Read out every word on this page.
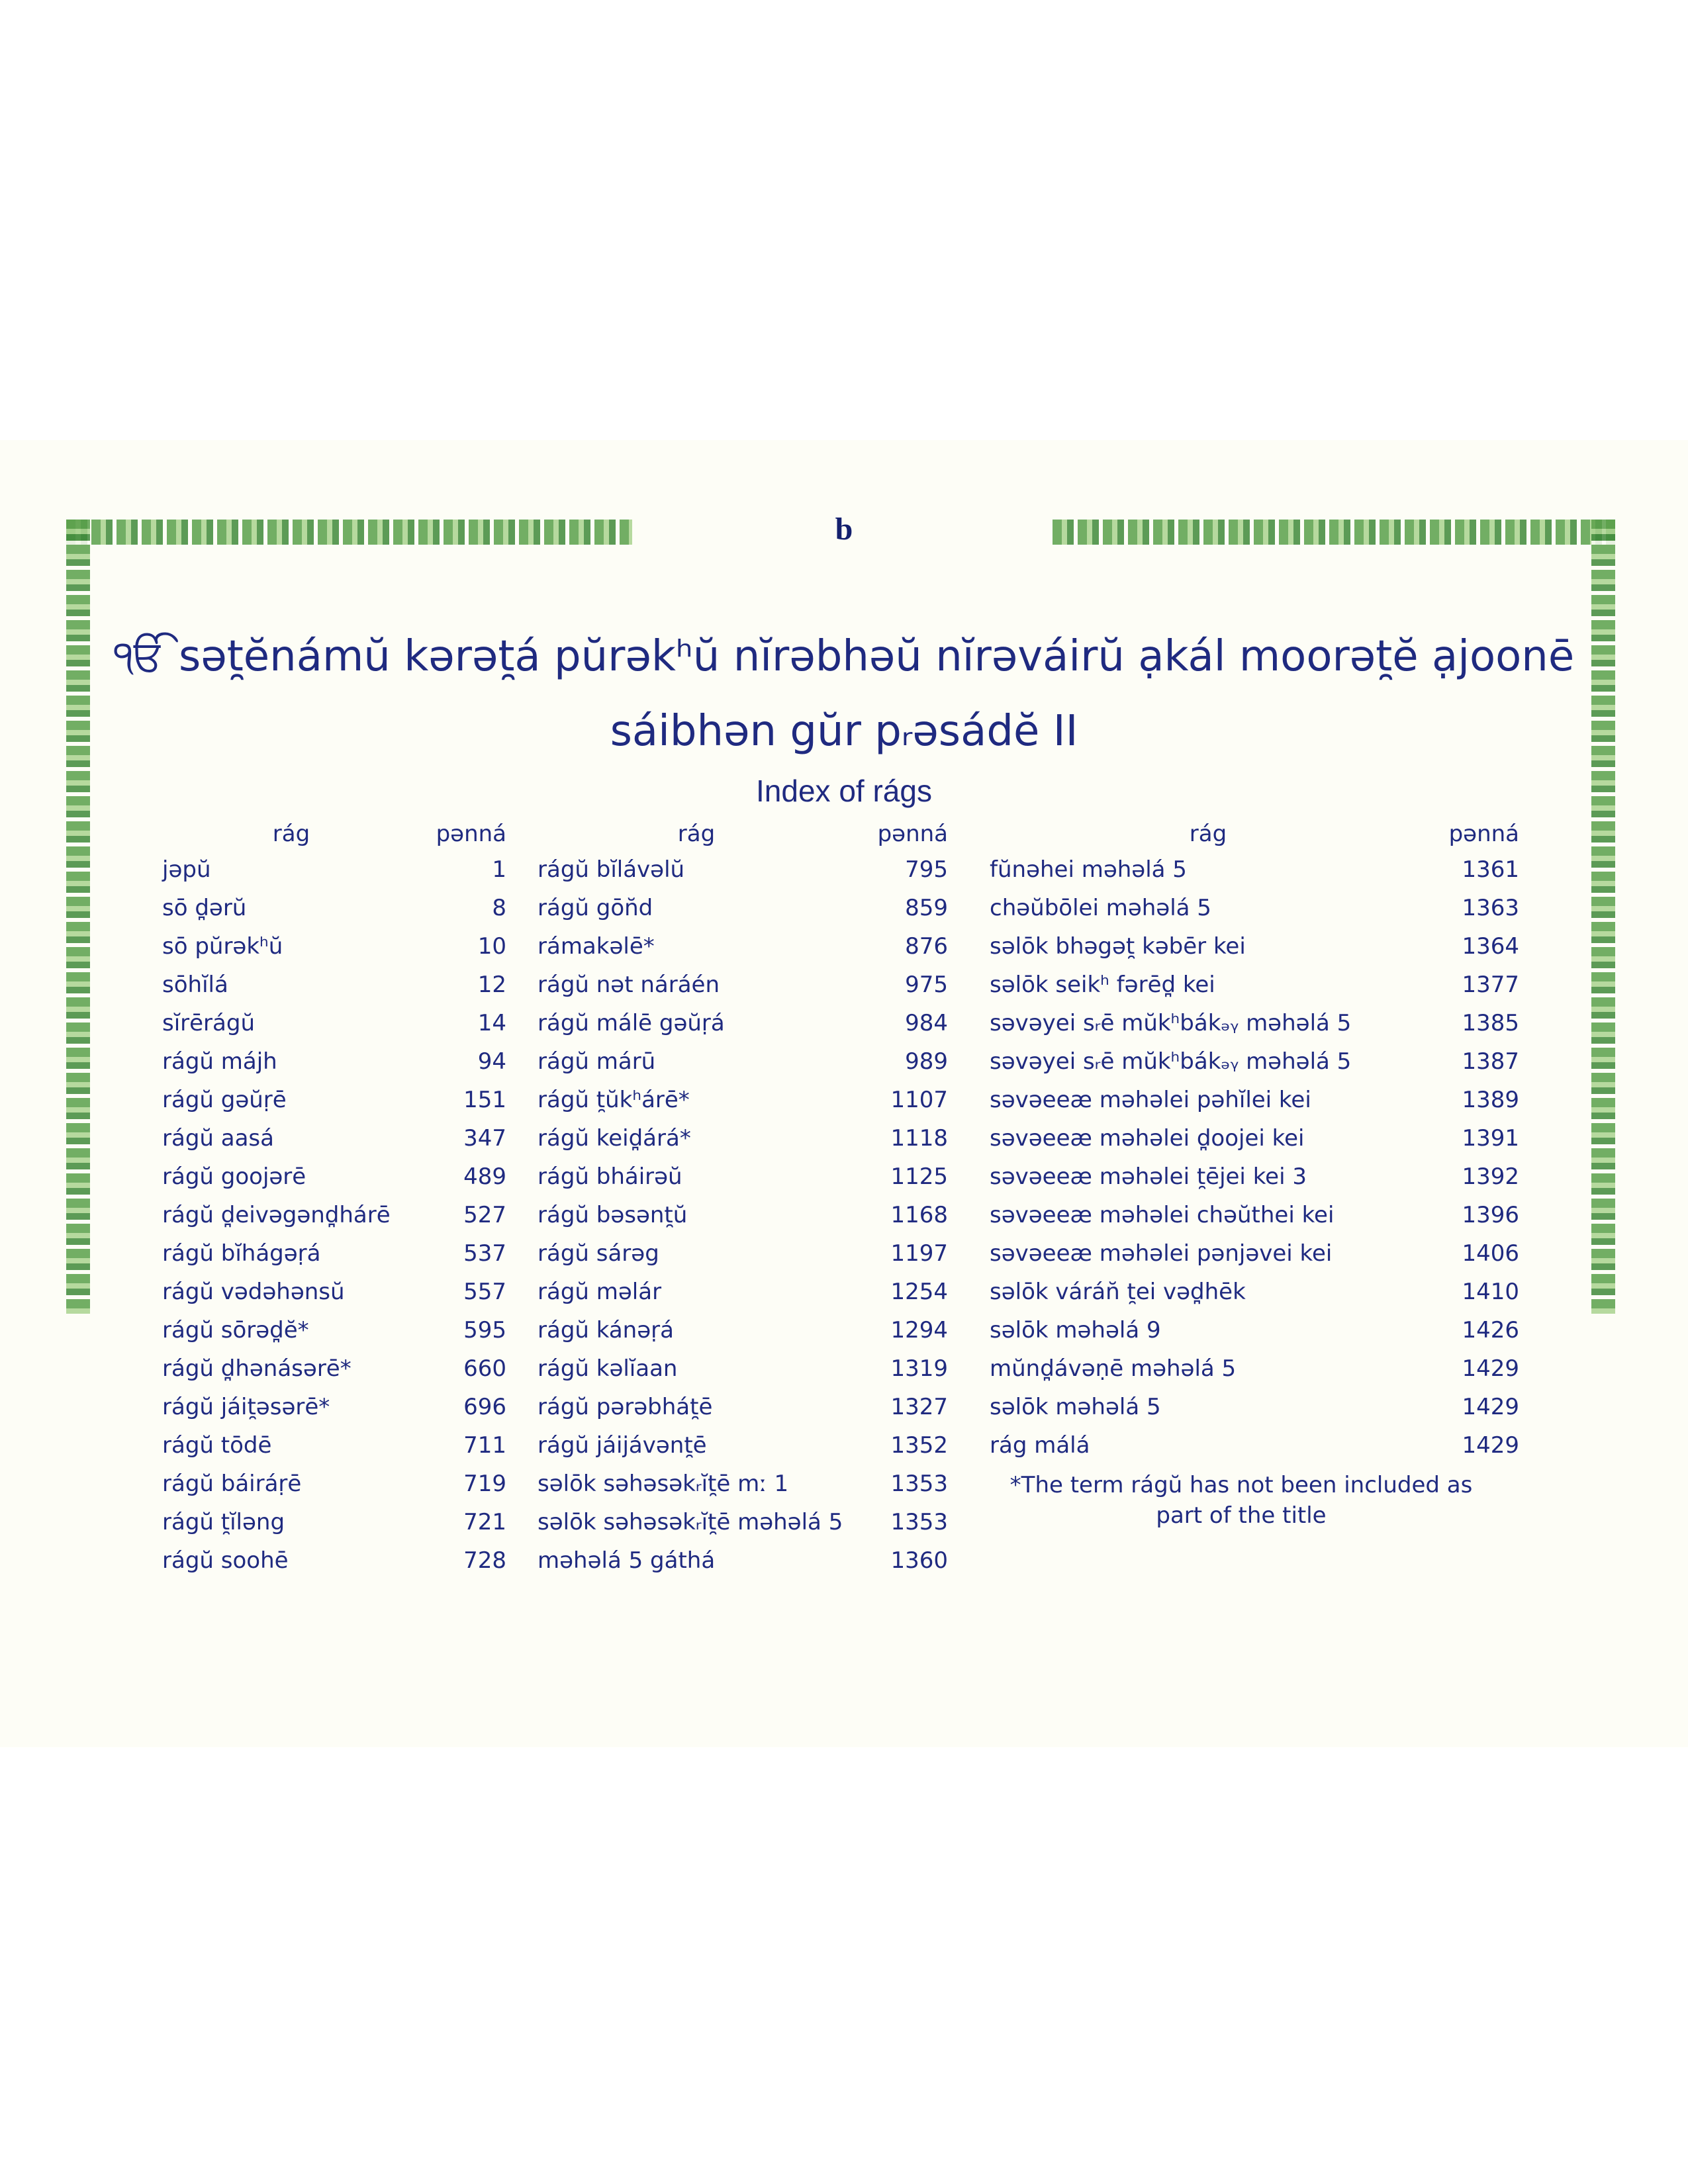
b
ੴ sət̯ĕnámŭ kərət̯á pŭrəkʰŭ nĭrəbhəŭ nĭrəváirŭ ạkál moorət̯ĕ ạjoonē
sáibhən gŭr pᵣəsádĕ II
Index of rágs
rág	pənná
jəpŭ	1
sō d̪ərŭ	8
sō pŭrəkʰŭ	10
sōhĭlá	12
sĭrērágŭ	14
rágŭ májh	94
rágŭ gəŭṛē	151
rágŭ aasá	347
rágŭ goojərē	489
rágŭ d̪eivəgənd̪hárē	527
rágŭ bĭhágəṛá	537
rágŭ vədəhənsŭ	557
rágŭ sōrəd̪ĕ*	595
rágŭ d̪hənásərē*	660
rágŭ jáit̯əsərē*	696
rágŭ tōdē	711
rágŭ báiráṛē	719
rágŭ t̯ĭləng	721
rágŭ soohē	728
rág	pənná
rágŭ bĭlávəlŭ	795
rágŭ gōn̆d	859
rámakəlē*	876
rágŭ nət náráén	975
rágŭ málē gəŭṛá	984
rágŭ márū	989
rágŭ t̯ŭkʰárē*	1107
rágŭ keid̪árá*	1118
rágŭ bháirəŭ	1125
rágŭ bəsənt̯ŭ	1168
rágŭ sárəg	1197
rágŭ məlár	1254
rágŭ kánəṛá	1294
rágŭ kəlĭaan	1319
rágŭ pərəbhát̯ē	1327
rágŭ jáijávənt̯ē	1352
səlōk səhəsəkᵣĭt̯ē mː 1	1353
səlōk səhəsəkᵣĭt̯ē məhəlá 5	1353
məhəlá 5 gáthá	1360
rág	pənná
fŭnəhei məhəlá 5	1361
chəŭbōlei məhəlá 5	1363
səlōk bhəgət̯ kəbēr kei	1364
səlōk seikʰ fərēd̪ kei	1377
səvəyei sᵣē mŭkʰbákₔᵧ məhəlá 5	1385
səvəyei sᵣē mŭkʰbákₔᵧ məhəlá 5	1387
səvəeeæ məhəlei pəhĭlei kei	1389
səvəeeæ məhəlei d̪oojei kei	1391
səvəeeæ məhəlei t̯ējei kei 3	1392
səvəeeæ məhəlei chəŭthei kei	1396
səvəeeæ məhəlei pənjəvei kei	1406
səlōk várán̆ t̯ei vəd̪hēk	1410
səlōk məhəlá 9	1426
mŭnd̪ávəṇē məhəlá 5	1429
səlōk məhəlá 5	1429
rág málá	1429
*The term rágŭ has not been included as part of the title
